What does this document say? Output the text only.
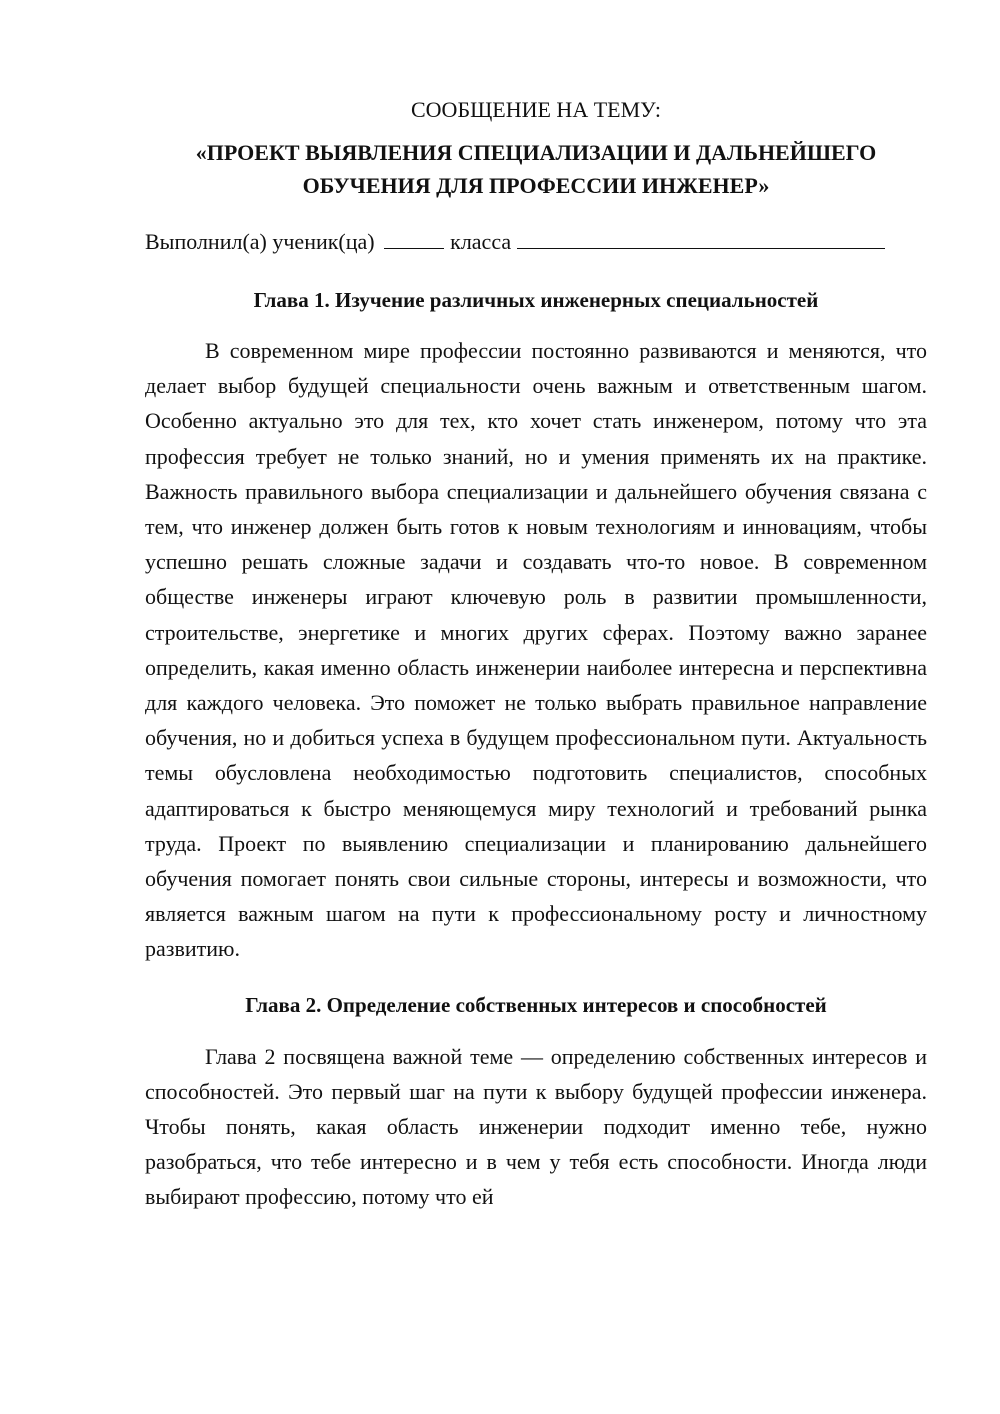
СООБЩЕНИЕ НА ТЕМУ:

«ПРОЕКТ ВЫЯВЛЕНИЯ СПЕЦИАЛИЗАЦИИ И ДАЛЬНЕЙШЕГО ОБУЧЕНИЯ ДЛЯ ПРОФЕССИИ ИНЖЕНЕР»

Выполнил(а) ученик(ца)	класса

Глава 1. Изучение различных инженерных специальностей

В современном мире профессии постоянно развиваются и меняются, что делает выбор будущей специальности очень важным и ответственным шагом. Особенно актуально это для тех, кто хочет стать инженером, потому что эта профессия требует не только знаний, но и умения применять их на практике. Важность правильного выбора специализации и дальнейшего обучения связана с тем, что инженер должен быть готов к новым технологиям и инновациям, чтобы успешно решать сложные задачи и создавать что-то новое. В современном обществе инженеры играют ключевую роль в развитии промышленности, строительстве, энергетике и многих других сферах. Поэтому важно заранее определить, какая именно область инженерии наиболее интересна и перспективна для каждого человека. Это поможет не только выбрать правильное направление обучения, но и добиться успеха в будущем профессиональном пути. Актуальность темы обусловлена необходимостью подготовить специалистов, способных адаптироваться к быстро меняющемуся миру технологий и требований рынка труда. Проект по выявлению специализации и планированию дальнейшего обучения помогает понять свои сильные стороны, интересы и возможности, что является важным шагом на пути к профессиональному росту и личностному развитию.

Глава 2. Определение собственных интересов и способностей

Глава 2 посвящена важной теме — определению собственных интересов и способностей. Это первый шаг на пути к выбору будущей профессии инженера. Чтобы понять, какая область инженерии подходит именно тебе, нужно разобраться, что тебе интересно и в чем у тебя есть способности. Иногда люди выбирают профессию, потому что ей
